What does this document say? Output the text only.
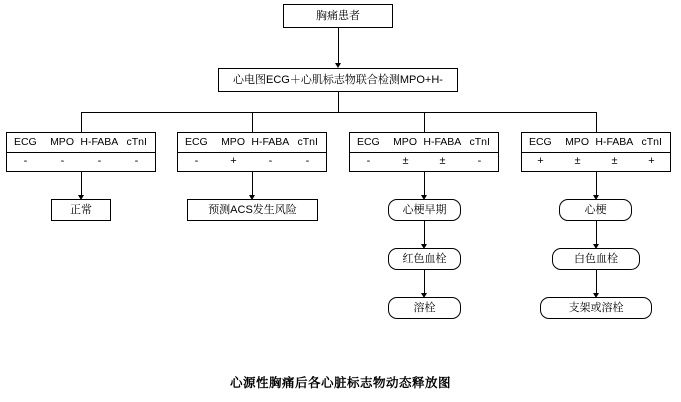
胸痛患者
心电图ECG＋心肌标志物联合检测MPO+H-
ECG	MPO H-FABA cTnI
-	-	-	-
正常
ECG	MPO H-FABA cTnI
-	+	-	-
预测ACS发生风险
ECG	MPO H-FABA cTnI
-	±	±	-
心梗早期
红色血栓
溶栓
ECG	MPO H-FABA cTnI
+	±	±	+
心梗
白色血栓
支架或溶栓
心源性胸痛后各心脏标志物动态释放图
